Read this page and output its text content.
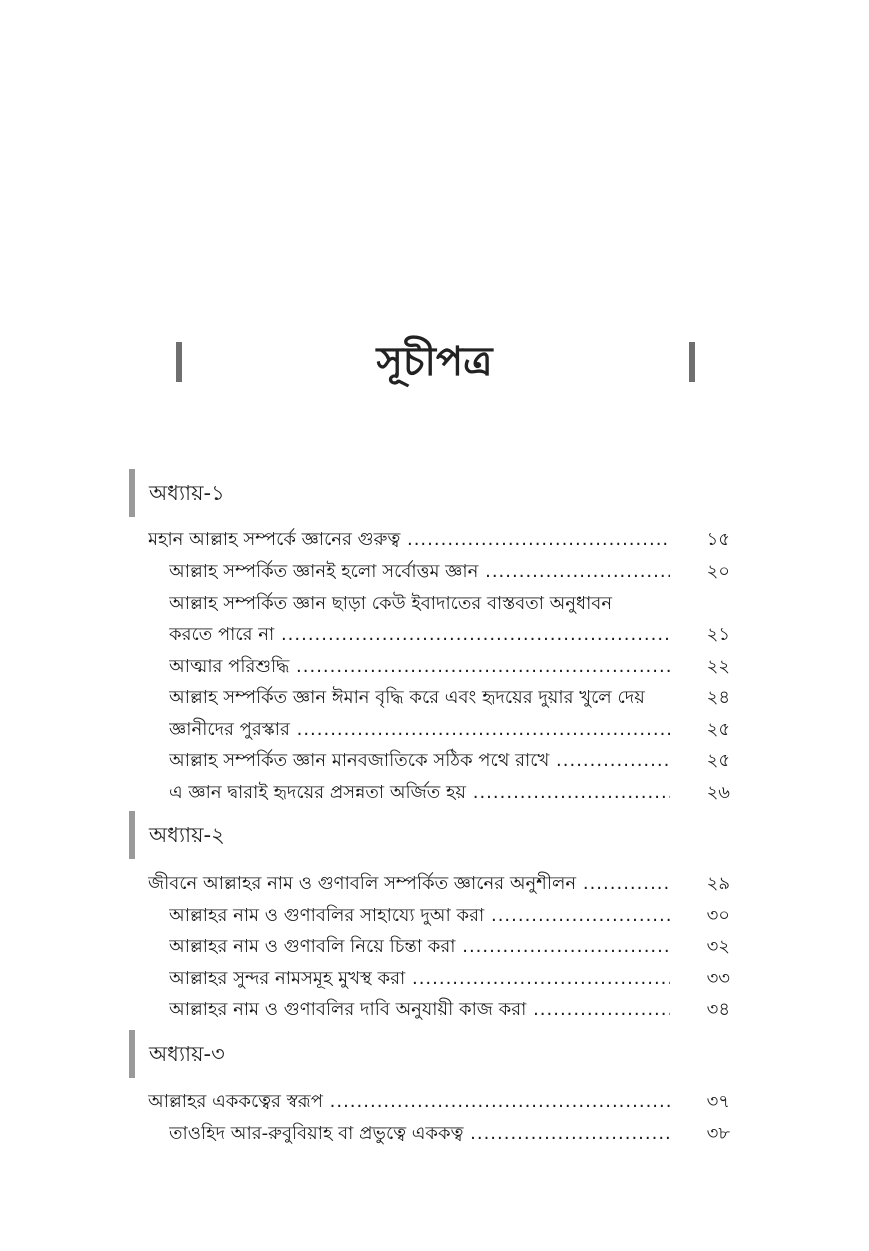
সূচীপত্র
অধ্যায়-১
মহান আল্লাহ সম্পর্কে জ্ঞানের গুরুত্ব .....	১৫
আল্লাহ সম্পর্কিত জ্ঞানই হলো সর্বোত্তম জ্ঞান .....	২০
আল্লাহ সম্পর্কিত জ্ঞান ছাড়া কেউ ইবাদাতের বাস্তবতা অনুধাবন
করতে পারে না .....	২১
আত্মার পরিশুদ্ধি .....	২২
আল্লাহ সম্পর্কিত জ্ঞান ঈমান বৃদ্ধি করে এবং হৃদয়ের দুয়ার খুলে দেয়	২৪
জ্ঞানীদের পুরস্কার .....	২৫
আল্লাহ সম্পর্কিত জ্ঞান মানবজাতিকে সঠিক পথে রাখে .....	২৫
এ জ্ঞান দ্বারাই হৃদয়ের প্রসন্নতা অর্জিত হয় .....	২৬
অধ্যায়-২
জীবনে আল্লাহর নাম ও গুণাবলি সম্পর্কিত জ্ঞানের অনুশীলন .....	২৯
আল্লাহর নাম ও গুণাবলির সাহায্যে দুআ করা .....	৩০
আল্লাহর নাম ও গুণাবলি নিয়ে চিন্তা করা .....	৩২
আল্লাহর সুন্দর নামসমূহ মুখস্থ করা .....	৩৩
আল্লাহর নাম ও গুণাবলির দাবি অনুযায়ী কাজ করা .....	৩৪
অধ্যায়-৩
আল্লাহর এককত্বের স্বরূপ .....	৩৭
তাওহিদ আর-রুবুবিয়াহ বা প্রভুত্বে এককত্ব .....	৩৮
